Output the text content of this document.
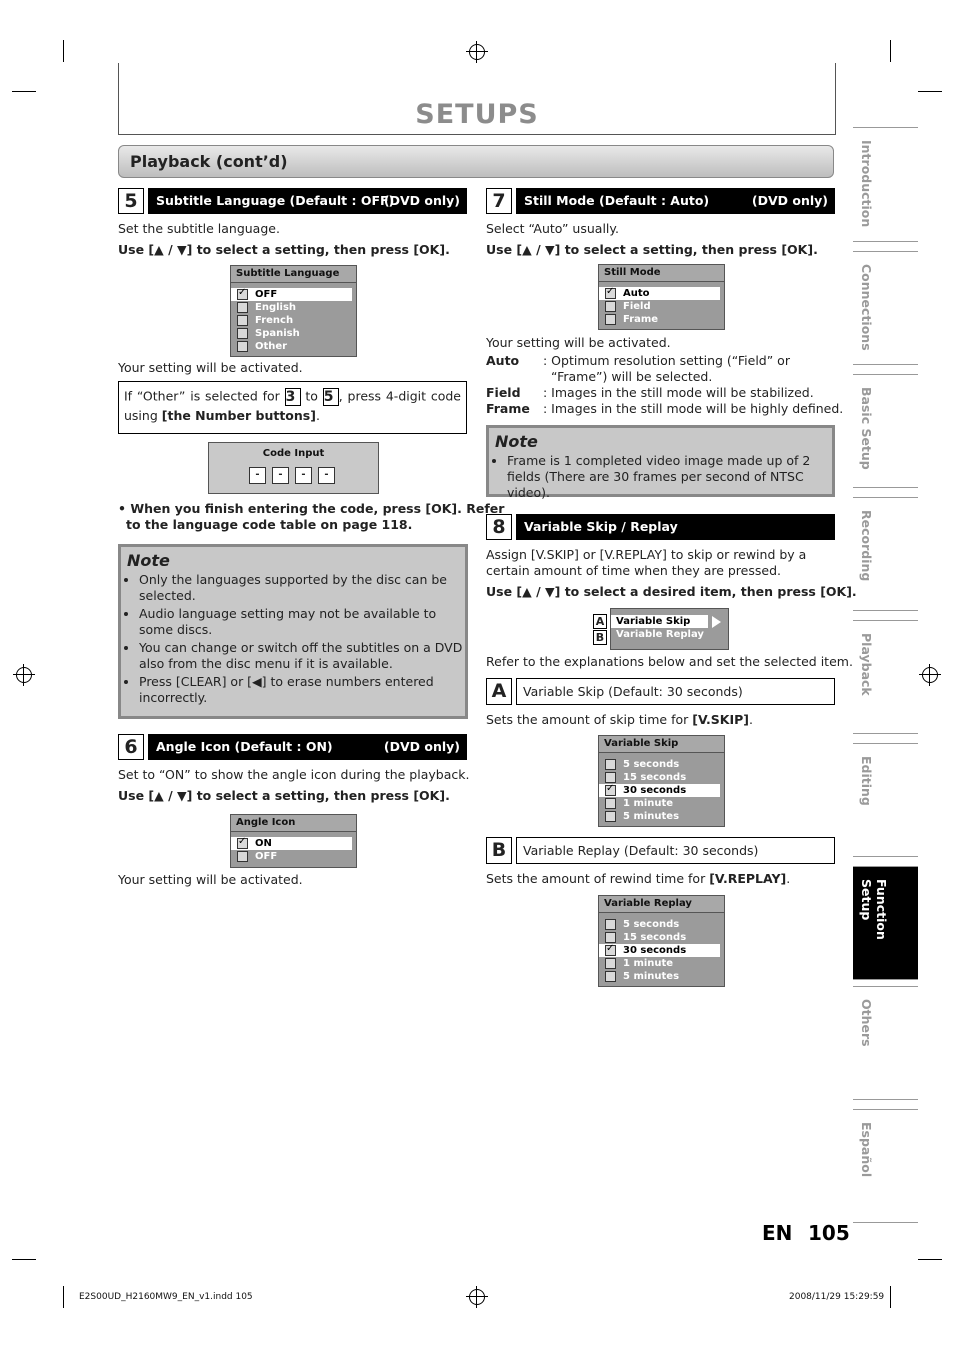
SETUPS
Playback (cont’d)
5	Subtitle Language (Default : OFF)
(DVD only)
Set the subtitle language.
Use [▲ / ▼] to select a setting, then press [OK].
Subtitle Language
✓
OFF
English
French
Spanish
Other
Your setting will be activated.
If “Other” is selected for 3 to 5 , press 4-digit code
using [the Number buttons].
Code Input
- - - -
• When you finish entering the code, press [OK]. Refer
to the language code table on page 118.
Note
• Only the languages supported by the disc can be selected.
• Audio language setting may not be available to some discs.
• You can change or switch off the subtitles on a DVD also from the disc menu if it is available.
• Press [CLEAR] or [◀] to erase numbers entered incorrectly.
6	Angle Icon (Default : ON)	(DVD only)
Set to “ON” to show the angle icon during the playback.
Use [▲ / ▼] to select a setting, then press [OK].
Angle Icon
✓
ON
OFF
Your setting will be activated.
7	Still Mode (Default : Auto)	(DVD only)
Select “Auto” usually.
Use [▲ / ▼] to select a setting, then press [OK].
Still Mode
✓
Auto
Field
Frame
Your setting will be activated.
Auto : Optimum resolution setting (“Field” or
“Frame”) will be selected.
Field : Images in the still mode will be stabilized.
Frame : Images in the still mode will be highly defined.
Note
• Frame is 1 completed video image made up of 2 fields (There are 30 frames per second of NTSC video).
8	Variable Skip / Replay
Assign [V.SKIP] or [V.REPLAY] to skip or rewind by a
certain amount of time when they are pressed.
Use [▲ / ▼] to select a desired item, then press [OK].
A
B
Variable Skip
Variable Replay
Refer to the explanations below and set the selected item.
A	Variable Skip (Default: 30 seconds)
Sets the amount of skip time for [V.SKIP].
Variable Skip
5 seconds
15 seconds
✓
30 seconds
1 minute
5 minutes
B	Variable Replay (Default: 30 seconds)
Sets the amount of rewind time for [V.REPLAY].
Variable Replay
5 seconds
15 seconds
✓
30 seconds
1 minute
5 minutes
Introduction
Connections
Basic Setup
Recording
Playback
Editing
Function Setup
Others
Español
EN 105
E2S00UD_H2160MW9_EN_v1.indd 105	2008/11/29 15:29:59
